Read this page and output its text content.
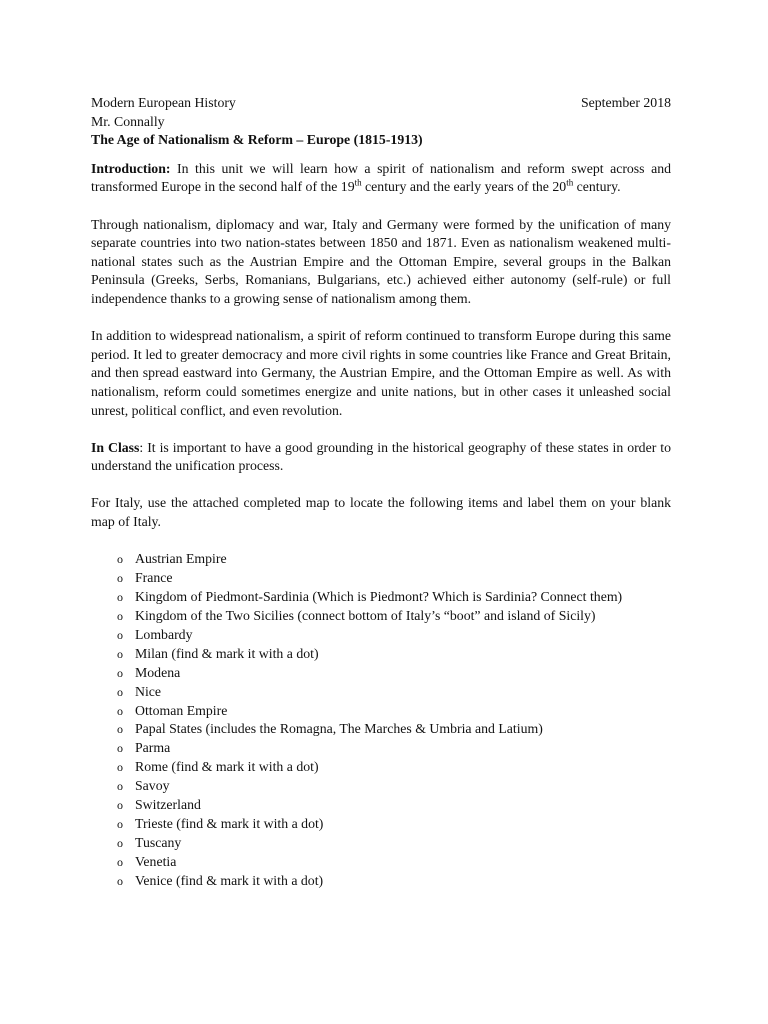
Modern European History	September 2018
Mr. Connally
The Age of Nationalism & Reform – Europe (1815-1913)

Introduction: In this unit we will learn how a spirit of nationalism and reform swept across and transformed Europe in the second half of the 19th century and the early years of the 20th century.

Through nationalism, diplomacy and war, Italy and Germany were formed by the unification of many separate countries into two nation-states between 1850 and 1871. Even as nationalism weakened multi-national states such as the Austrian Empire and the Ottoman Empire, several groups in the Balkan Peninsula (Greeks, Serbs, Romanians, Bulgarians, etc.) achieved either autonomy (self-rule) or full independence thanks to a growing sense of nationalism among them.

In addition to widespread nationalism, a spirit of reform continued to transform Europe during this same period. It led to greater democracy and more civil rights in some countries like France and Great Britain, and then spread eastward into Germany, the Austrian Empire, and the Ottoman Empire as well. As with nationalism, reform could sometimes energize and unite nations, but in other cases it unleashed social unrest, political conflict, and even revolution.

In Class: It is important to have a good grounding in the historical geography of these states in order to understand the unification process.

For Italy, use the attached completed map to locate the following items and label them on your blank map of Italy.

o Austrian Empire
o France
o Kingdom of Piedmont-Sardinia (Which is Piedmont? Which is Sardinia? Connect them)
o Kingdom of the Two Sicilies (connect bottom of Italy’s “boot” and island of Sicily)
o Lombardy
o Milan (find & mark it with a dot)
o Modena
o Nice
o Ottoman Empire
o Papal States (includes the Romagna, The Marches & Umbria and Latium)
o Parma
o Rome (find & mark it with a dot)
o Savoy
o Switzerland
o Trieste (find & mark it with a dot)
o Tuscany
o Venetia
o Venice (find & mark it with a dot)
